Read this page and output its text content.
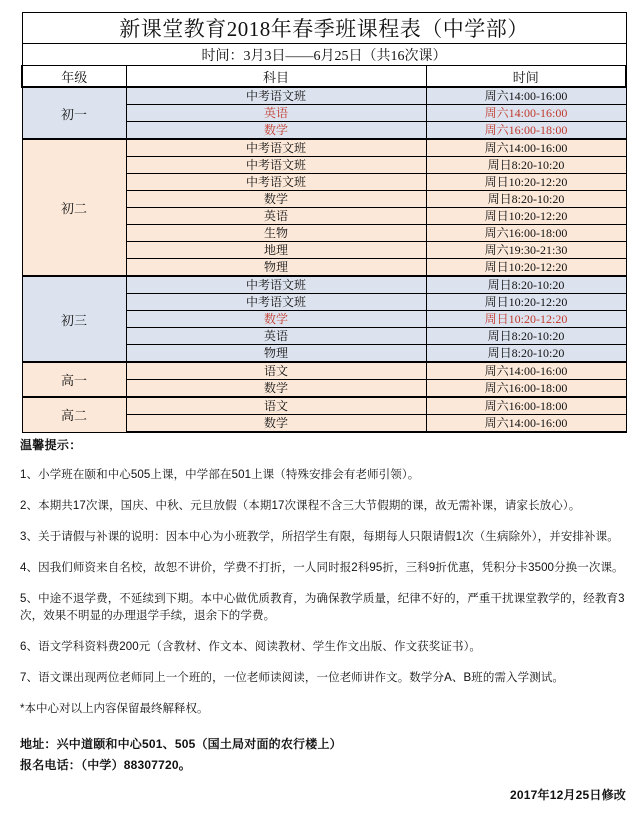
新课堂教育2018年春季班课程表（中学部）		
时间：3月3日——6月25日（共16次课）		
年级	科目	时间
初一	中考语文班	周六14:00-16:00
	英语	周六14:00-16:00
	数学	周六16:00-18:00
初二	中考语文班	周六14:00-16:00
	中考语文班	周日8:20-10:20
	中考语文班	周日10:20-12:20
	数学	周日8:20-10:20
	英语	周日10:20-12:20
	生物	周六16:00-18:00
	地理	周六19:30-21:30
	物理	周日10:20-12:20
初三	中考语文班	周日8:20-10:20
	中考语文班	周日10:20-12:20
	数学	周日10:20-12:20
	英语	周日8:20-10:20
	物理	周日8:20-10:20
高一	语文	周六14:00-16:00
	数学	周六16:00-18:00
高二	语文	周六16:00-18:00
	数学	周六14:00-16:00

温馨提示：

1、小学班在颐和中心505上课，中学部在501上课（特殊安排会有老师引领）。

2、本期共17次课，国庆、中秋、元旦放假（本期17次课程不含三大节假期的课，故无需补课，请家长放心）。

3、关于请假与补课的说明：因本中心为小班教学，所招学生有限，每期每人只限请假1次（生病除外），并安排补课。

4、因我们师资来自名校，故恕不讲价，学费不打折，一人同时报2科95折，三科9折优惠，凭积分卡3500分换一次课。

5、中途不退学费，不延续到下期。本中心做优质教育，为确保教学质量，纪律不好的，严重干扰课堂教学的，经教育3次，效果不明显的办理退学手续，退余下的学费。

6、语文学科资料费200元（含教材、作文本、阅读教材、学生作文出版、作文获奖证书）。

7、语文课出现两位老师同上一个班的，一位老师读阅读，一位老师讲作文。数学分A、B班的需入学测试。

*本中心对以上内容保留最终解释权。

地址：兴中道颐和中心501、505（国土局对面的农行楼上）

报名电话：（中学）88307720。

2017年12月25日修改
